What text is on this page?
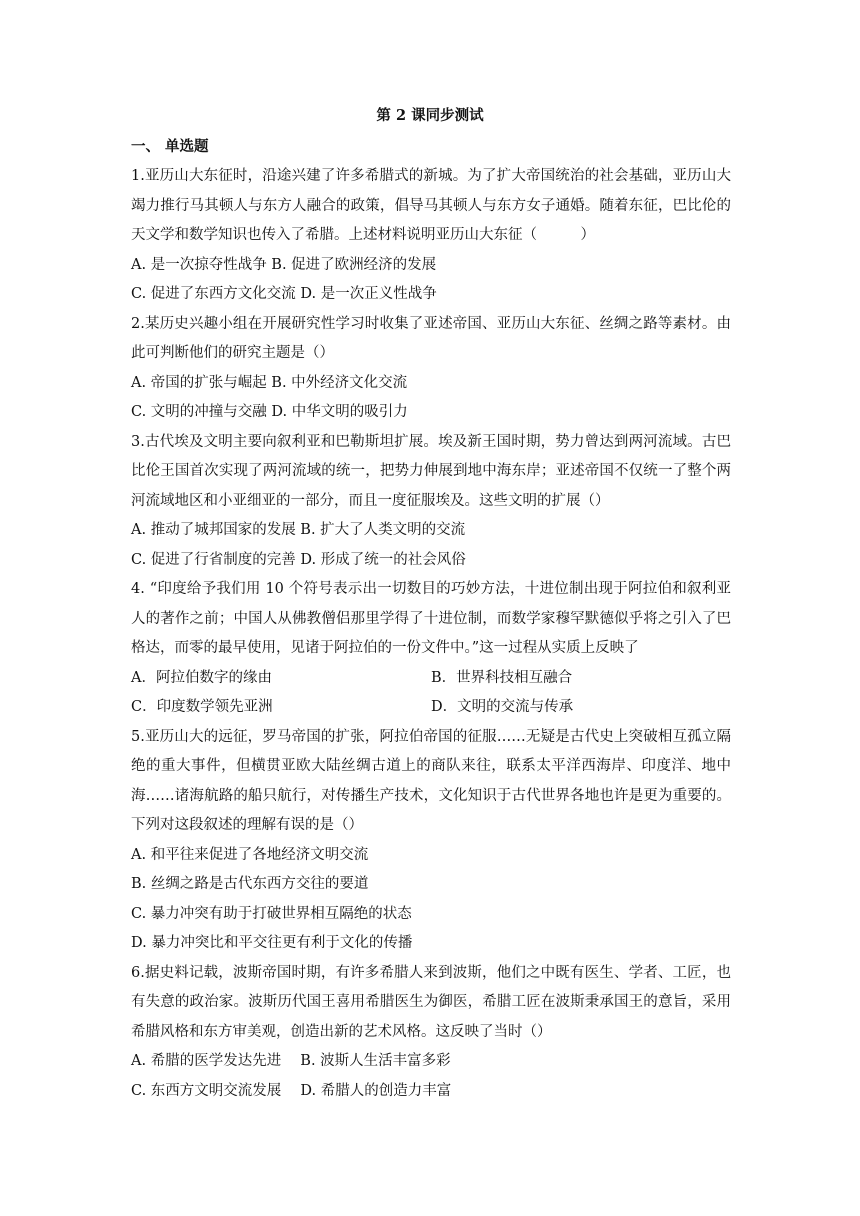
第 2 课同步测试
一、 单选题

1.亚历山大东征时，沿途兴建了许多希腊式的新城。为了扩大帝国统治的社会基础，亚历山大竭力推行马其顿人与东方人融合的政策，倡导马其顿人与东方女子通婚。随着东征，巴比伦的天文学和数学知识也传入了希腊。上述材料说明亚历山大东征（　　　）

A. 是一次掠夺性战争 B. 促进了欧洲经济的发展

C. 促进了东西方文化交流 D. 是一次正义性战争

2.某历史兴趣小组在开展研究性学习时收集了亚述帝国、亚历山大东征、丝绸之路等素材。由此可判断他们的研究主题是（）

A. 帝国的扩张与崛起 B. 中外经济文化交流

C. 文明的冲撞与交融 D. 中华文明的吸引力

3.古代埃及文明主要向叙利亚和巴勒斯坦扩展。埃及新王国时期，势力曾达到两河流域。古巴比伦王国首次实现了两河流域的统一，把势力伸展到地中海东岸；亚述帝国不仅统一了整个两河流域地区和小亚细亚的一部分，而且一度征服埃及。这些文明的扩展（）

A. 推动了城邦国家的发展 B. 扩大了人类文明的交流

C. 促进了行省制度的完善 D. 形成了统一的社会风俗

4. “印度给予我们用 10 个符号表示出一切数目的巧妙方法，十进位制出现于阿拉伯和叙利亚人的著作之前；中国人从佛教僧侣那里学得了十进位制，而数学家穆罕默德似乎将之引入了巴格达，而零的最早使用，见诸于阿拉伯的一份文件中。”这一过程从实质上反映了

A．阿拉伯数字的缘由	B．世界科技相互融合
C．印度数学领先亚洲	D．文明的交流与传承

5.亚历山大的远征，罗马帝国的扩张，阿拉伯帝国的征服……无疑是古代史上突破相互孤立隔绝的重大事件，但横贯亚欧大陆丝绸古道上的商队来往，联系太平洋西海岸、印度洋、地中海……诸海航路的船只航行，对传播生产技术，文化知识于古代世界各地也许是更为重要的。下列对这段叙述的理解有误的是（）

A. 和平往来促进了各地经济文明交流

B. 丝绸之路是古代东西方交往的要道

C. 暴力冲突有助于打破世界相互隔绝的状态

D. 暴力冲突比和平交往更有利于文化的传播

6.据史料记载，波斯帝国时期，有许多希腊人来到波斯，他们之中既有医生、学者、工匠，也有失意的政治家。波斯历代国王喜用希腊医生为御医，希腊工匠在波斯秉承国王的意旨，采用希腊风格和东方审美观，创造出新的艺术风格。这反映了当时（）

A. 希腊的医学发达先进　 B. 波斯人生活丰富多彩

C. 东西方文明交流发展　 D. 希腊人的创造力丰富
